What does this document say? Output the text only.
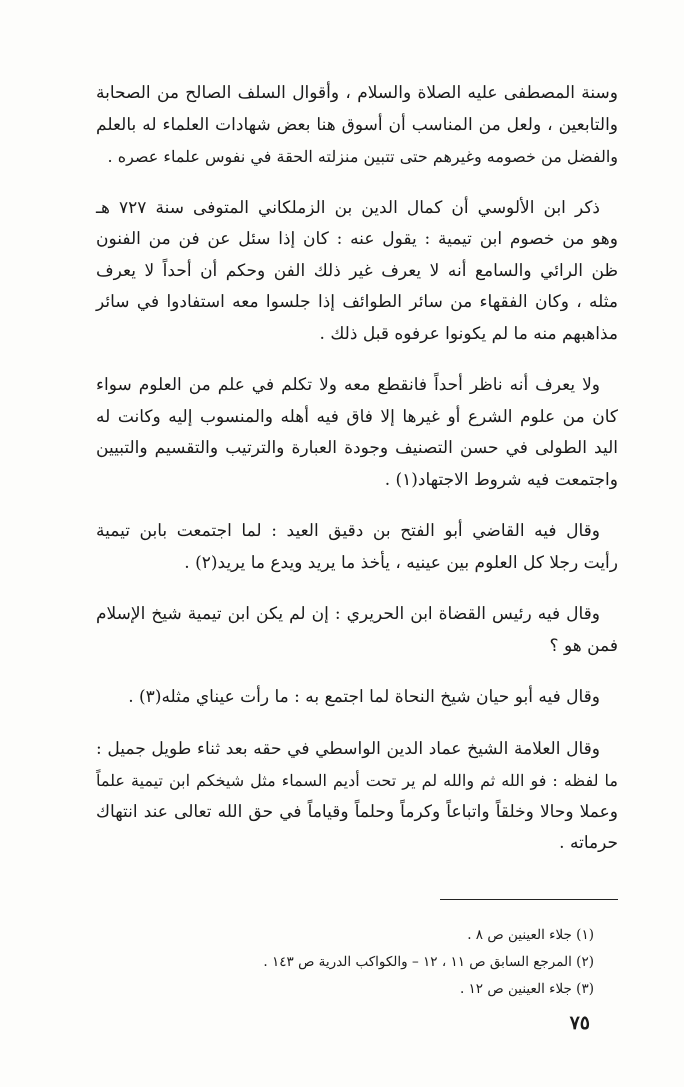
وسنة المصطفى عليه الصلاة والسلام ، وأقوال السلف الصالح من الصحابة
والتابعين ، ولعل من المناسب أن أسوق هنا بعض شهادات العلماء له بالعلم
والفضل من خصومه وغيرهم حتى تتبين منزلته الحقة في نفوس علماء عصره .

ذكر ابن الألوسي أن كمال الدين بن الزملكاني المتوفى سنة ٧٢٧ هـ
وهو من خصوم ابن تيمية : يقول عنه : كان إذا سئل عن فن من الفنون
ظن الرائي والسامع أنه لا يعرف غير ذلك الفن وحكم أن أحداً لا يعرف
مثله ، وكان الفقهاء من سائر الطوائف إذا جلسوا معه استفادوا في سائر
مذاهبهم منه ما لم يكونوا عرفوه قبل ذلك .

ولا يعرف أنه ناظر أحداً فانقطع معه ولا تكلم في علم من العلوم سواء
كان من علوم الشرع أو غيرها إلا فاق فيه أهله والمنسوب إليه وكانت له
اليد الطولى في حسن التصنيف وجودة العبارة والترتيب والتقسيم والتبيين
واجتمعت فيه شروط الاجتهاد(١) .

وقال فيه القاضي أبو الفتح بن دقيق العيد : لما اجتمعت بابن تيمية
رأيت رجلا كل العلوم بين عينيه ، يأخذ ما يريد ويدع ما يريد(٢) .

وقال فيه رئيس القضاة ابن الحريري : إن لم يكن ابن تيمية شيخ الإسلام
فمن هو ؟

وقال فيه أبو حيان شيخ النحاة لما اجتمع به : ما رأت عيناي مثله(٣) .

وقال العلامة الشيخ عماد الدين الواسطي في حقه بعد ثناء طويل جميل :
ما لفظه : فو الله ثم والله لم ير تحت أديم السماء مثل شيخكم ابن تيمية علماً
وعملا وحالا وخلقاً واتباعاً وكرماً وحلماً وقياماً في حق الله تعالى عند انتهاك
حرماته .

(١) جلاء العينين ص ٨ .
(٢) المرجع السابق ص ١١ ، ١٢ – والكواكب الدرية ص ١٤٣ .
(٣) جلاء العينين ص ١٢ .
٧٥
